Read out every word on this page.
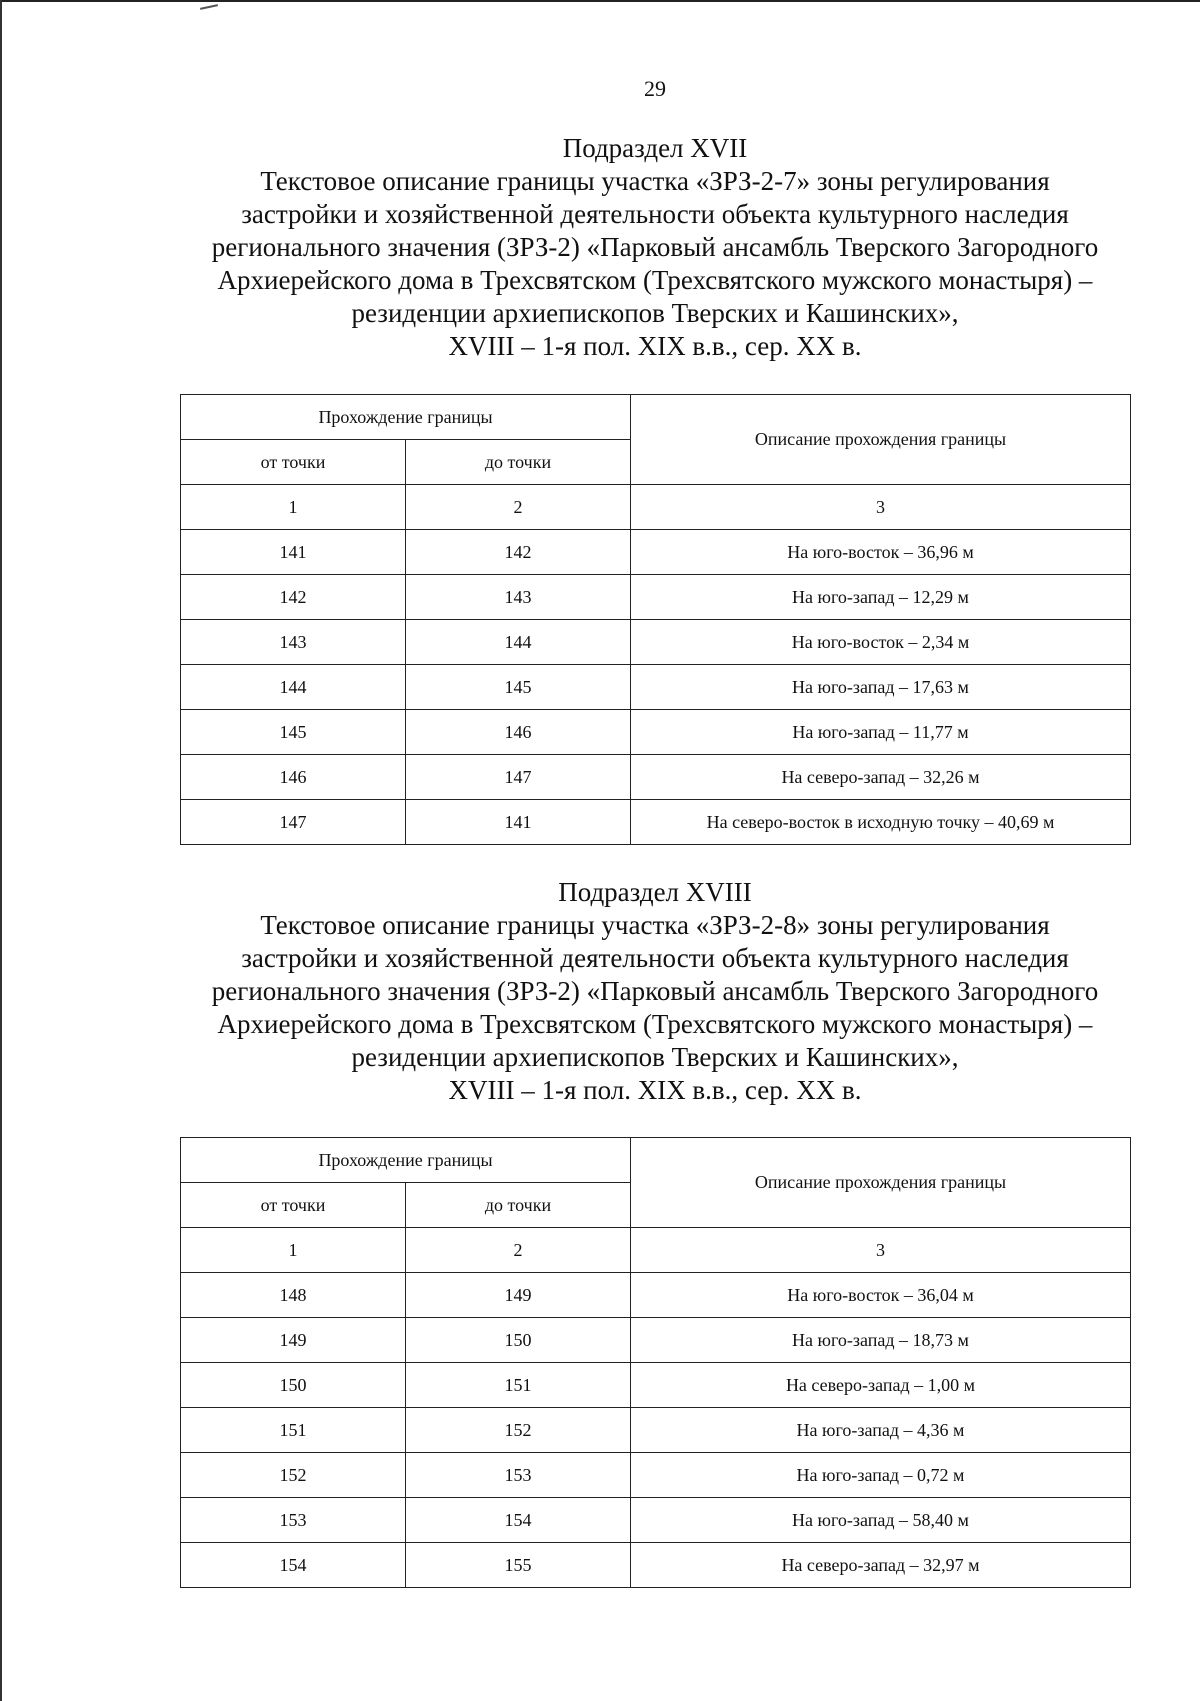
29
Подраздел XVII
Текстовое описание границы участка «ЗРЗ-2-7» зоны регулирования
застройки и хозяйственной деятельности объекта культурного наследия
регионального значения (ЗРЗ-2) «Парковый ансамбль Тверского Загородного
Архиерейского дома в Трехсвятском (Трехсвятского мужского монастыря) –
резиденции архиепископов Тверских и Кашинских»,
XVIII – 1-я пол. XIX в.в., сер. XX в.
Прохождение границы		Описание прохождения границы
от точки	до точки	
1	2	3
141	142	На юго-восток – 36,96 м
142	143	На юго-запад – 12,29 м
143	144	На юго-восток – 2,34 м
144	145	На юго-запад – 17,63 м
145	146	На юго-запад – 11,77 м
146	147	На северо-запад – 32,26 м
147	141	На северо-восток в исходную точку – 40,69 м
Подраздел XVIII
Текстовое описание границы участка «ЗРЗ-2-8» зоны регулирования
застройки и хозяйственной деятельности объекта культурного наследия
регионального значения (ЗРЗ-2) «Парковый ансамбль Тверского Загородного
Архиерейского дома в Трехсвятском (Трехсвятского мужского монастыря) –
резиденции архиепископов Тверских и Кашинских»,
XVIII – 1-я пол. XIX в.в., сер. XX в.
Прохождение границы		Описание прохождения границы
от точки	до точки	
1	2	3
148	149	На юго-восток – 36,04 м
149	150	На юго-запад – 18,73 м
150	151	На северо-запад – 1,00 м
151	152	На юго-запад – 4,36 м
152	153	На юго-запад – 0,72 м
153	154	На юго-запад – 58,40 м
154	155	На северо-запад – 32,97 м
